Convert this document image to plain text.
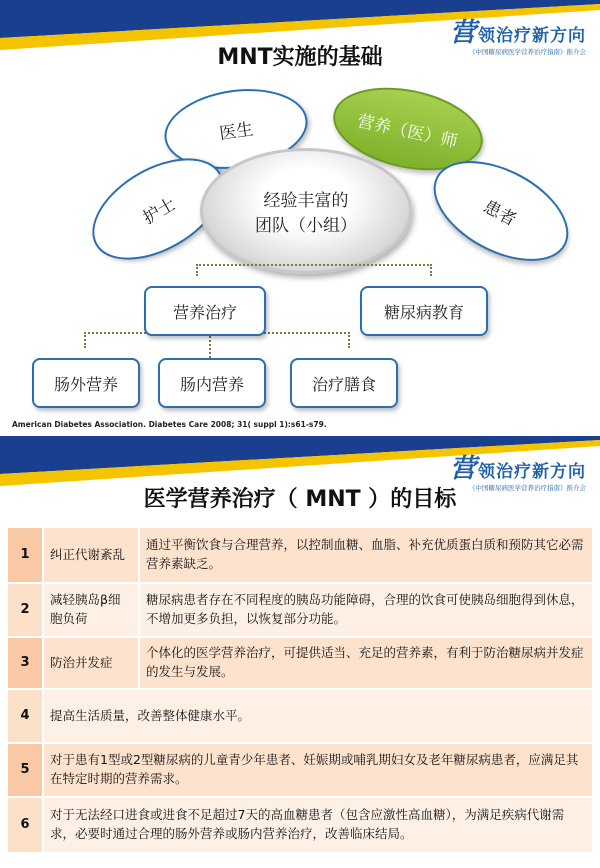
营领治疗新方向
《中国糖尿病医学营养治疗指南》推介会
MNT实施的基础
医生	营养（医）师
护士	患者
经验丰富的
团队（小组）
营养治疗	糖尿病教育
肠外营养	肠内营养	治疗膳食
American Diabetes Association. Diabetes Care 2008; 31( suppl 1):s61-s79.
营领治疗新方向
《中国糖尿病医学营养治疗指南》推介会
医学营养治疗（ MNT ）的目标
1	纠正代谢紊乱	通过平衡饮食与合理营养，以控制血糖、血脂、补充优质蛋白质和预防其它必需营养素缺乏。
2	减轻胰岛β细胞负荷	糖尿病患者存在不同程度的胰岛功能障碍，合理的饮食可使胰岛细胞得到休息，不增加更多负担，以恢复部分功能。
3	防治并发症	个体化的医学营养治疗，可提供适当、充足的营养素，有利于防治糖尿病并发症的发生与发展。
4	提高生活质量，改善整体健康水平。	
5	对于患有1型或2型糖尿病的儿童青少年患者、妊娠期或哺乳期妇女及老年糖尿病患者，应满足其在特定时期的营养需求。	
6	对于无法经口进食或进食不足超过7天的高血糖患者（包含应激性高血糖），为满足疾病代谢需求，必要时通过合理的肠外营养或肠内营养治疗，改善临床结局。	
